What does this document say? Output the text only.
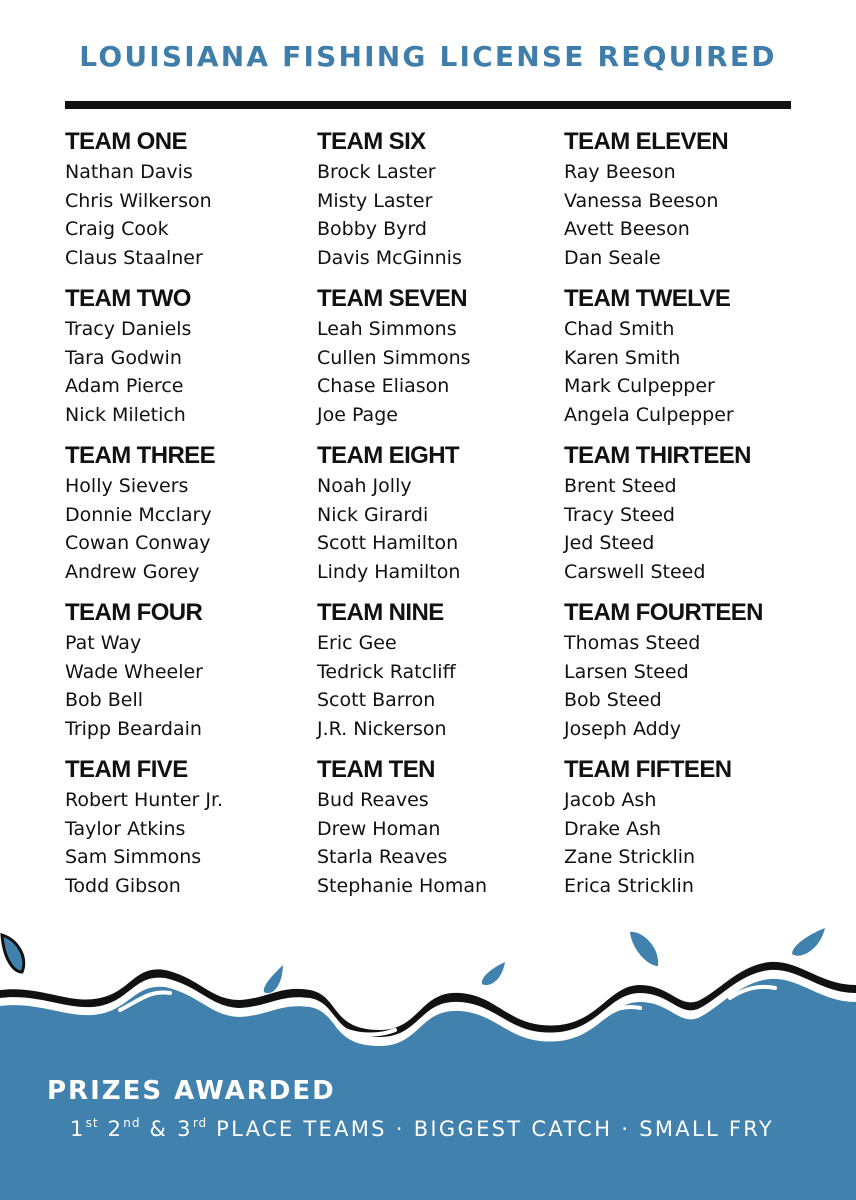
LOUISIANA FISHING LICENSE REQUIRED
TEAM ONE
Nathan Davis
Chris Wilkerson
Craig Cook
Claus Staalner
TEAM TWO
Tracy Daniels
Tara Godwin
Adam Pierce
Nick Miletich
TEAM THREE
Holly Sievers
Donnie Mcclary
Cowan Conway
Andrew Gorey
TEAM FOUR
Pat Way
Wade Wheeler
Bob Bell
Tripp Beardain
TEAM FIVE
Robert Hunter Jr.
Taylor Atkins
Sam Simmons
Todd Gibson
TEAM SIX
Brock Laster
Misty Laster
Bobby Byrd
Davis McGinnis
TEAM SEVEN
Leah Simmons
Cullen Simmons
Chase Eliason
Joe Page
TEAM EIGHT
Noah Jolly
Nick Girardi
Scott Hamilton
Lindy Hamilton
TEAM NINE
Eric Gee
Tedrick Ratcliff
Scott Barron
J.R. Nickerson
TEAM TEN
Bud Reaves
Drew Homan
Starla Reaves
Stephanie Homan
TEAM ELEVEN
Ray Beeson
Vanessa Beeson
Avett Beeson
Dan Seale
TEAM TWELVE
Chad Smith
Karen Smith
Mark Culpepper
Angela Culpepper
TEAM THIRTEEN
Brent Steed
Tracy Steed
Jed Steed
Carswell Steed
TEAM FOURTEEN
Thomas Steed
Larsen Steed
Bob Steed
Joseph Addy
TEAM FIFTEEN
Jacob Ash
Drake Ash
Zane Stricklin
Erica Stricklin
PRIZES AWARDED
1st 2nd & 3rd PLACE TEAMS · BIGGEST CATCH · SMALL FRY
